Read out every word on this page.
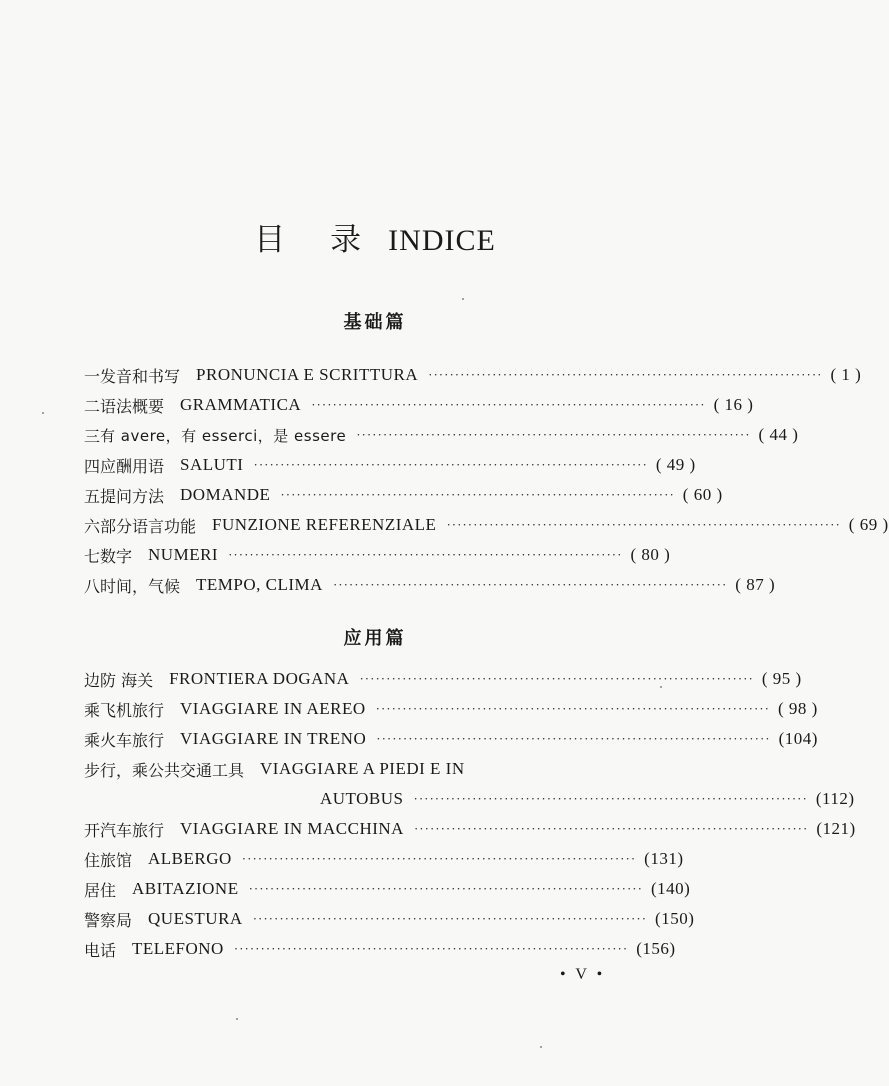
目 录 INDICE
基础篇
一 发音和书写 PRONUNCIA E SCRITTURA ·········································································· ( 1 )
二 语法概要 GRAMMATICA ·········································································· ( 16 )
三 有 avere，有 esserci，是 essere ·········································································· ( 44 )
四 应酬用语 SALUTI ·········································································· ( 49 )
五 提问方法 DOMANDE ·········································································· ( 60 )
六 部分语言功能 FUNZIONE REFERENZIALE ·········································································· ( 69 )
七 数字 NUMERI ·········································································· ( 80 )
八 时间，气候 TEMPO, CLIMA ·········································································· ( 87 )
应用篇
边防 海关 FRONTIERA DOGANA ·········································································· ( 95 )
乘飞机旅行 VIAGGIARE IN AEREO ·········································································· ( 98 )
乘火车旅行 VIAGGIARE IN TRENO ·········································································· (104)
步行，乘公共交通工具 VIAGGIARE A PIEDI E IN
AUTOBUS ·········································································· (112)
开汽车旅行 VIAGGIARE IN MACCHINA ·········································································· (121)
住旅馆 ALBERGO ·········································································· (131)
居住 ABITAZIONE ·········································································· (140)
警察局 QUESTURA ·········································································· (150)
电话 TELEFONO ·········································································· (156)
• V •
